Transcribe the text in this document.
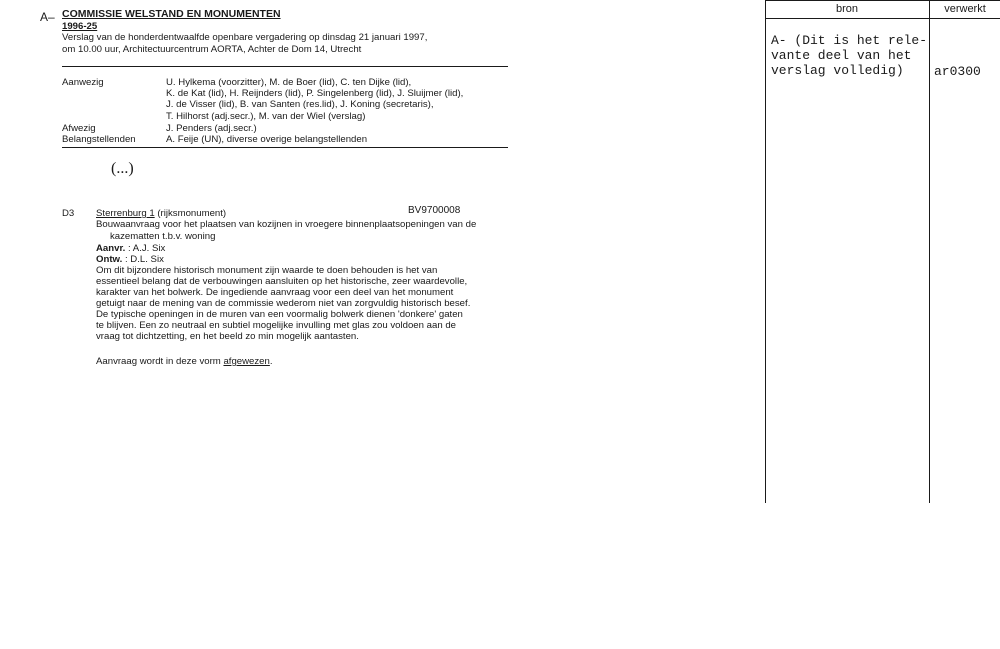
A– COMMISSIE WELSTAND EN MONUMENTEN
1996-25
Verslag van de honderdentwaalfde openbare vergadering op dinsdag 21 januari 1997,
om 10.00 uur, Architectuurcentrum AORTA, Achter de Dom 14, Utrecht
Aanwezig	U. Hylkema (voorzitter), M. de Boer (lid), C. ten Dijke (lid),
K. de Kat (lid), H. Reijnders (lid), P. Singelenberg (lid), J. Sluijmer (lid),
J. de Visser (lid), B. van Santen (res.lid), J. Koning (secretaris),
T. Hilhorst (adj.secr.), M. van der Wiel (verslag)
Afwezig	J. Penders (adj.secr.)
Belangstellenden	A. Feije (UN), diverse overige belangstellenden
(...)
D3 Sterrenburg 1 (rijksmonument)	BV9700008
Bouwaanvraag voor het plaatsen van kozijnen in vroegere binnenplaatsopeningen van de
kazematten t.b.v. woning
Aanvr. : A.J. Six
Ontw. : D.L. Six
Om dit bijzondere historisch monument zijn waarde te doen behouden is het van
essentieel belang dat de verbouwingen aansluiten op het historische, zeer waardevolle,
karakter van het bolwerk. De ingediende aanvraag voor een deel van het monument
getuigt naar de mening van de commissie wederom niet van zorgvuldig historisch besef.
De typische openingen in de muren van een voormalig bolwerk dienen 'donkere' gaten
te blijven. Een zo neutraal en subtiel mogelijke invulling met glas zou voldoen aan de
vraag tot dichtzetting, en het beeld zo min mogelijk aantasten.
Aanvraag wordt in deze vorm afgewezen.
bron	verwerkt
A- (Dit is het rele-
vante deel van het
verslag volledig) ar0300
